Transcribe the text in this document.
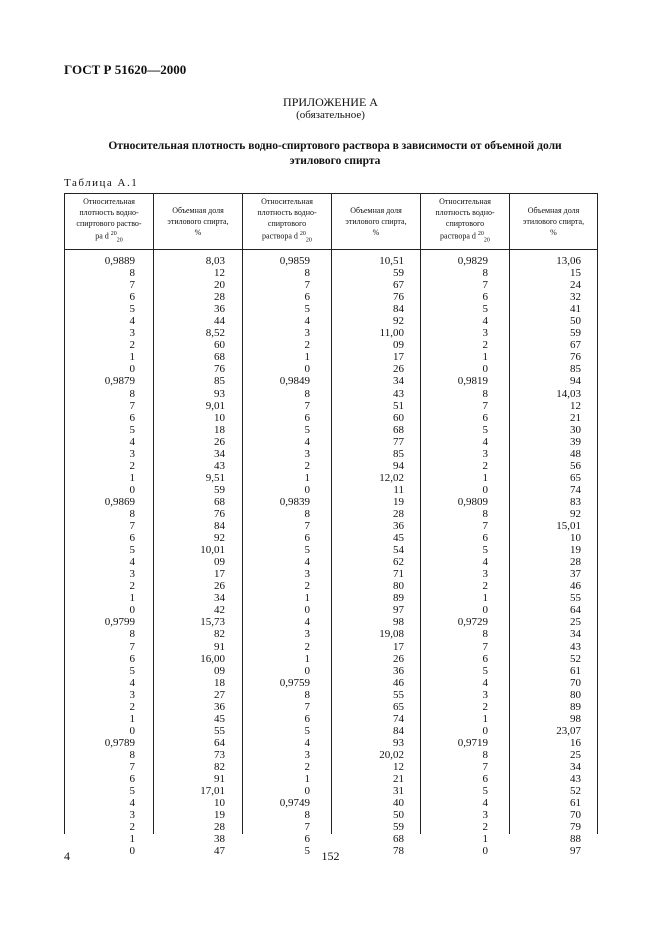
ГОСТ Р 51620—2000
ПРИЛОЖЕНИЕ А
(обязательное)
Относительная плотность водно-спиртового раствора в зависимости от объемной доли этилового спирта
Таблица А.1
Относительная
плотность водно-
спиртового раство-
ра d $^{20}_{20}$
Объемная доля
этилового спирта,
%
Относительная
плотность водно-
спиртового
раствора d $^{20}_{20}$
Объемная доля
этилового спирта,
%
Относительная
плотность водно-
спиртового
раствора d $^{20}_{20}$
Объемная доля
этилового спирта,
%
0,9889
8
7
6
5
4
3
2
1
0
0,9879
8
7
6
5
4
3
2
1
0
0,9869
8
7
6
5
4
3
2
1
0
0,9799
8
7
6
5
4
3
2
1
0
0,9789
8
7
6
5
4
3
2
1
0
8,03
12
20
28
36
44
8,52
60
68
76
85
93
9,01
10
18
26
34
43
9,51
59
68
76
84
92
10,01
09
17
26
34
42
15,73
82
91
16,00
09
18
27
36
45
55
64
73
82
91
17,01
10
19
28
38
47
0,9859
8
7
6
5
4
3
2
1
0
0,9849
8
7
6
5
4
3
2
1
0
0,9839
8
7
6
5
4
3
2
1
0
4
3
2
1
0
0,9759
8
7
6
5
4
3
2
1
0
0,9749
8
7
6
5
10,51
59
67
76
84
92
11,00
09
17
26
34
43
51
60
68
77
85
94
12,02
11
19
28
36
45
54
62
71
80
89
97
98
19,08
17
26
36
46
55
65
74
84
93
20,02
12
21
31
40
50
59
68
78
0,9829
8
7
6
5
4
3
2
1
0
0,9819
8
7
6
5
4
3
2
1
0
0,9809
8
7
6
5
4
3
2
1
0
0,9729
8
7
6
5
4
3
2
1
0
0,9719
8
7
6
5
4
3
2
1
0
13,06
15
24
32
41
50
59
67
76
85
94
14,03
12
21
30
39
48
56
65
74
83
92
15,01
10
19
28
37
46
55
64
25
34
43
52
61
70
80
89
98
23,07
16
25
34
43
52
61
70
79
88
97
4	152
